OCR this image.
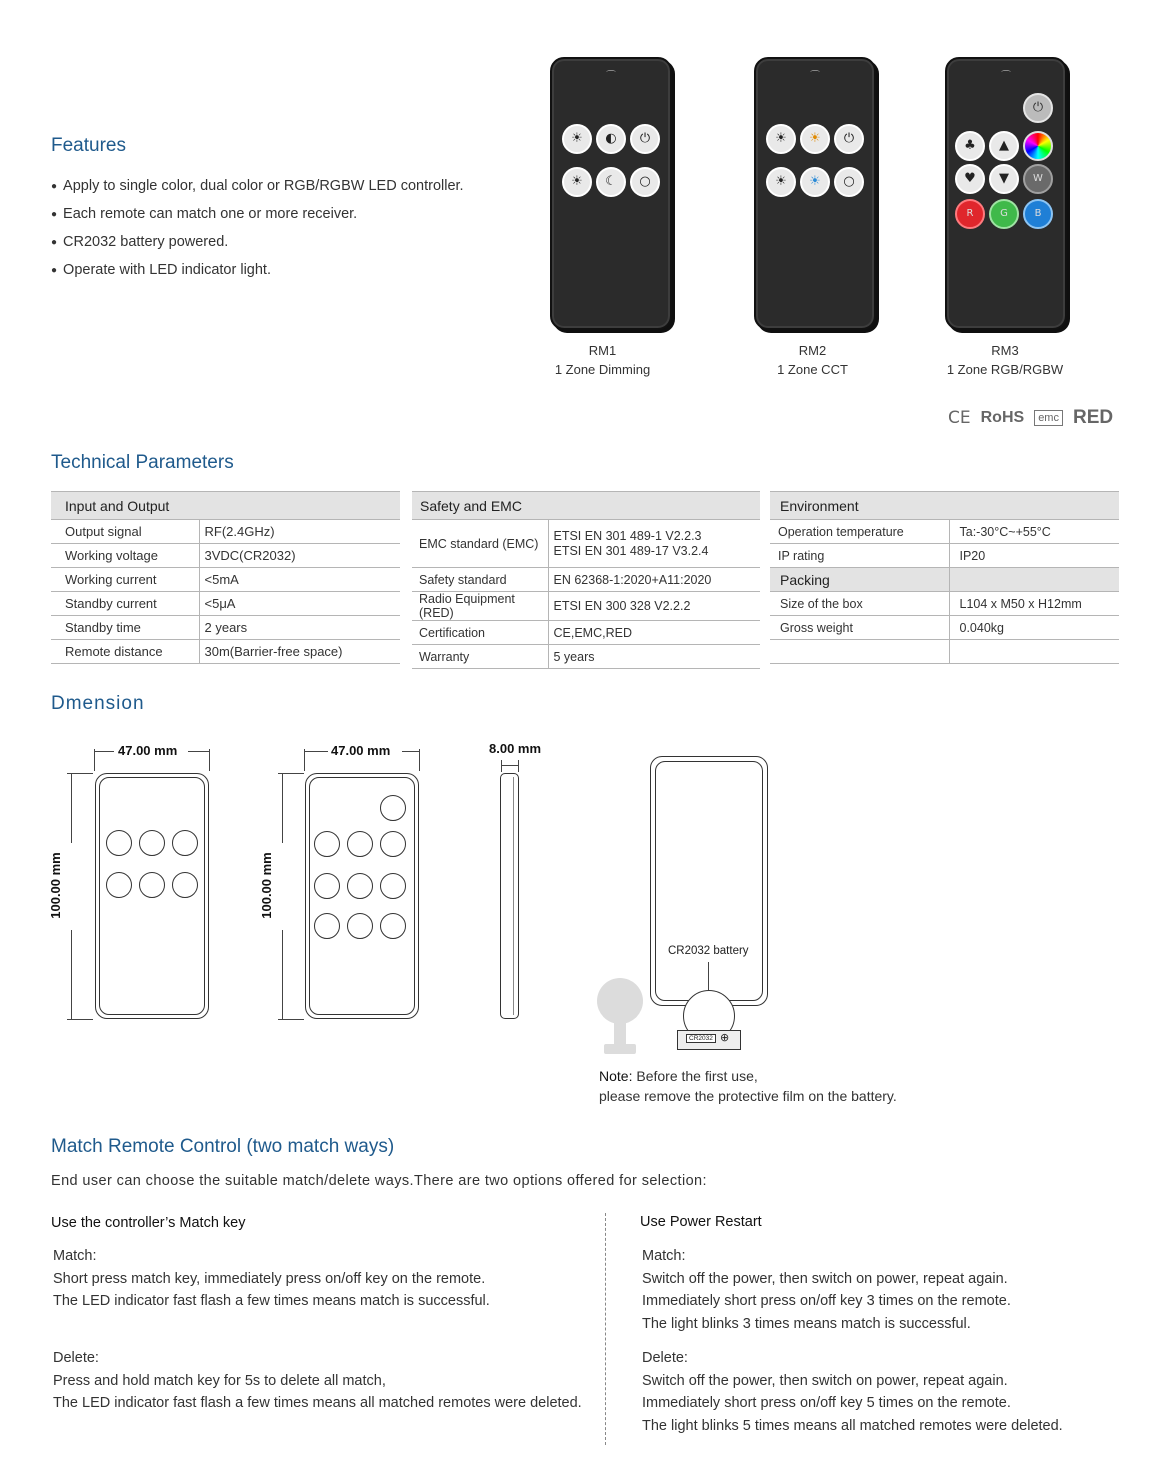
Features
● Apply to single color, dual color or RGB/RGBW LED controller.
● Each remote can match one or more receiver.
● CR2032 battery powered.
● Operate with LED indicator light.
⌒
☀	◐	⏻
☀	☾	○
⌒
☀	☀	⏻
☀	☀	○
⌒
⏻
♣	▲
♥	▼	W
R	G	B
RM1
1 Zone Dimming
RM2
1 Zone CCT
RM3
1 Zone RGB/RGBW
CE RoHS	emc RED
Technical Parameters
Input and Output	
Output signal	RF(2.4GHz)
Working voltage	3VDC(CR2032)
Working current	<5mA
Standby current	<5μA
Standby time	2 years
Remote distance	30m(Barrier-free space)
Safety and EMC	
EMC standard (EMC)	ETSI EN 301 489-1 V2.2.3
ETSI EN 301 489-17 V3.2.4

Safety standard	EN 62368-1:2020+A11:2020
Radio Equipment (RED)	ETSI EN 300 328 V2.2.2
Certification	CE,EMC,RED
Warranty	5 years
Environment	
Operation temperature	Ta:-30°C~+55°C
IP rating	IP20
Packing	
Size of the box	L104 x M50 x H12mm
Gross weight	0.040kg

Dmension
47.00 mm
100.00 mm
47.00 mm
100.00 mm
8.00 mm
CR2032 battery
CR2032 ⊕
Note: Before the first use,
please remove the protective film on the battery.
Match Remote Control (two match ways)
End user can choose the suitable match/delete ways.There are two options offered for selection:
Use the controller’s Match key
Match:
Short press match key, immediately press on/off key on the remote.
The LED indicator fast flash a few times means match is successful.
Delete:
Press and hold match key for 5s to delete all match,
The LED indicator fast flash a few times means all matched remotes were deleted.
Use Power Restart
Match:
Switch off the power, then switch on power, repeat again.
Immediately short press on/off key 3 times on the remote.
The light blinks 3 times means match is successful.
Delete:
Switch off the power, then switch on power, repeat again.
Immediately short press on/off key 5 times on the remote.
The light blinks 5 times means all matched remotes were deleted.
